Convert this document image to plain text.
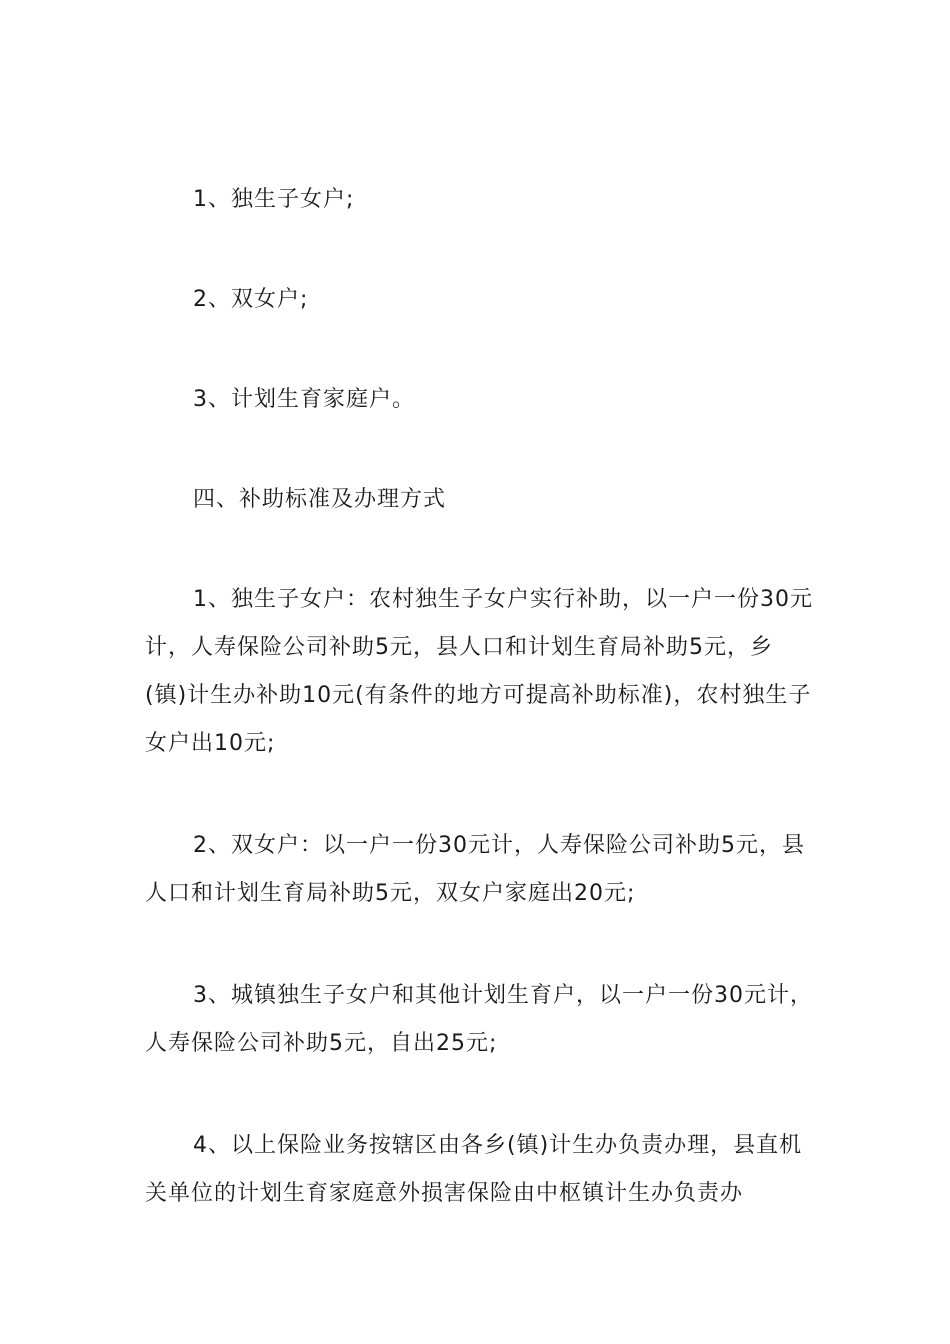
1、独生子女户;

2、双女户;

3、计划生育家庭户。

四、补助标准及办理方式

1、独生子女户：农村独生子女户实行补助，以一户一份30元计，人寿保险公司补助5元，县人口和计划生育局补助5元，乡(镇)计生办补助10元(有条件的地方可提高补助标准)，农村独生子女户出10元;

2、双女户：以一户一份30元计，人寿保险公司补助5元，县人口和计划生育局补助5元，双女户家庭出20元;

3、城镇独生子女户和其他计划生育户，以一户一份30元计，人寿保险公司补助5元，自出25元;

4、以上保险业务按辖区由各乡(镇)计生办负责办理，县直机关单位的计划生育家庭意外损害保险由中枢镇计生办负责办
